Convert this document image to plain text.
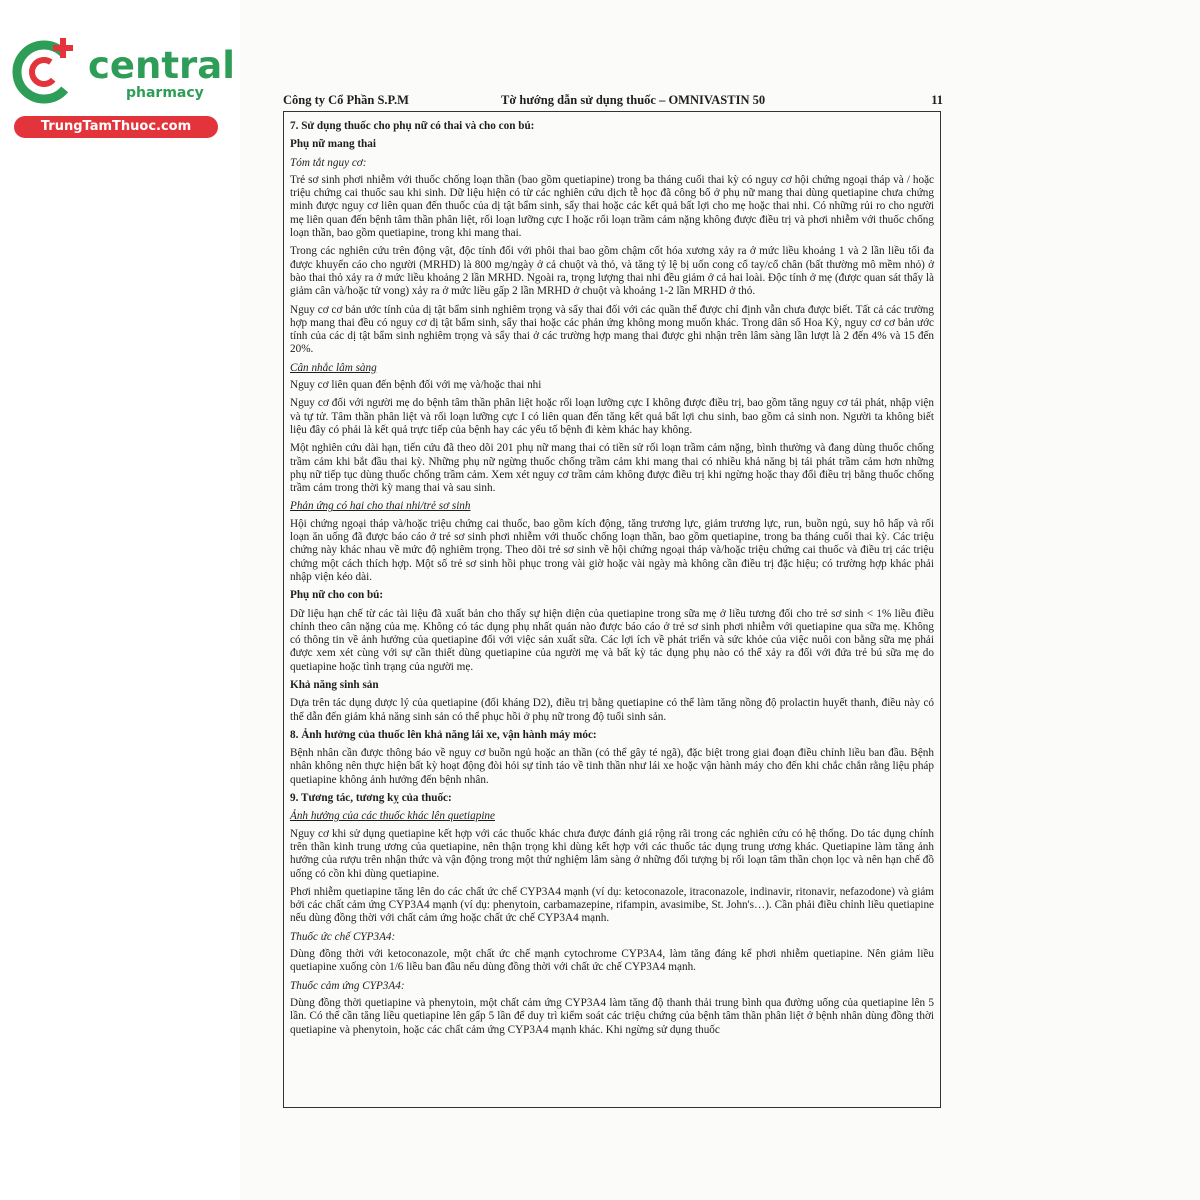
central
pharmacy
TrungTamThuoc.com
Công ty Cổ Phần S.P.M	Tờ hướng dẫn sử dụng thuốc – OMNIVASTIN 50	11

7. Sử dụng thuốc cho phụ nữ có thai và cho con bú:

Phụ nữ mang thai

Tóm tắt nguy cơ:

Trẻ sơ sinh phơi nhiễm với thuốc chống loạn thần (bao gồm quetiapine) trong ba tháng cuối thai kỳ có nguy cơ hội chứng ngoại tháp và / hoặc triệu chứng cai thuốc sau khi sinh. Dữ liệu hiện có từ các nghiên cứu dịch tễ học đã công bố ở phụ nữ mang thai dùng quetiapine chưa chứng minh được nguy cơ liên quan đến thuốc của dị tật bẩm sinh, sẩy thai hoặc các kết quả bất lợi cho mẹ hoặc thai nhi. Có những rủi ro cho người mẹ liên quan đến bệnh tâm thần phân liệt, rối loạn lưỡng cực I hoặc rối loạn trầm cảm nặng không được điều trị và phơi nhiễm với thuốc chống loạn thần, bao gồm quetiapine, trong khi mang thai.

Trong các nghiên cứu trên động vật, độc tính đối với phôi thai bao gồm chậm cốt hóa xương xảy ra ở mức liều khoảng 1 và 2 lần liều tối đa được khuyến cáo cho người (MRHD) là 800 mg/ngày ở cả chuột và thỏ, và tăng tỷ lệ bị uốn cong cổ tay/cổ chân (bất thường mô mềm nhỏ) ở bào thai thỏ xảy ra ở mức liều khoảng 2 lần MRHD. Ngoài ra, trọng lượng thai nhi đều giảm ở cả hai loài. Độc tính ở mẹ (được quan sát thấy là giảm cân và/hoặc tử vong) xảy ra ở mức liều gấp 2 lần MRHD ở chuột và khoảng 1-2 lần MRHD ở thỏ.

Nguy cơ cơ bản ước tính của dị tật bẩm sinh nghiêm trọng và sẩy thai đối với các quần thể được chỉ định vẫn chưa được biết. Tất cả các trường hợp mang thai đều có nguy cơ dị tật bẩm sinh, sẩy thai hoặc các phản ứng không mong muốn khác. Trong dân số Hoa Kỳ, nguy cơ cơ bản ước tính của các dị tật bẩm sinh nghiêm trọng và sẩy thai ở các trường hợp mang thai được ghi nhận trên lâm sàng lần lượt là 2 đến 4% và 15 đến 20%.

Cân nhắc lâm sàng

Nguy cơ liên quan đến bệnh đối với mẹ và/hoặc thai nhi

Nguy cơ đối với người mẹ do bệnh tâm thần phân liệt hoặc rối loạn lưỡng cực I không được điều trị, bao gồm tăng nguy cơ tái phát, nhập viện và tự tử. Tâm thần phân liệt và rối loạn lưỡng cực I có liên quan đến tăng kết quả bất lợi chu sinh, bao gồm cả sinh non. Người ta không biết liệu đây có phải là kết quả trực tiếp của bệnh hay các yếu tố bệnh đi kèm khác hay không.

Một nghiên cứu dài hạn, tiến cứu đã theo dõi 201 phụ nữ mang thai có tiền sử rối loạn trầm cảm nặng, bình thường và đang dùng thuốc chống trầm cảm khi bắt đầu thai kỳ. Những phụ nữ ngừng thuốc chống trầm cảm khi mang thai có nhiều khả năng bị tái phát trầm cảm hơn những phụ nữ tiếp tục dùng thuốc chống trầm cảm. Xem xét nguy cơ trầm cảm không được điều trị khi ngừng hoặc thay đổi điều trị bằng thuốc chống trầm cảm trong thời kỳ mang thai và sau sinh.

Phản ứng có hại cho thai nhi/trẻ sơ sinh

Hội chứng ngoại tháp và/hoặc triệu chứng cai thuốc, bao gồm kích động, tăng trương lực, giảm trương lực, run, buồn ngủ, suy hô hấp và rối loạn ăn uống đã được báo cáo ở trẻ sơ sinh phơi nhiễm với thuốc chống loạn thần, bao gồm quetiapine, trong ba tháng cuối thai kỳ. Các triệu chứng này khác nhau về mức độ nghiêm trọng. Theo dõi trẻ sơ sinh về hội chứng ngoại tháp và/hoặc triệu chứng cai thuốc và điều trị các triệu chứng một cách thích hợp. Một số trẻ sơ sinh hồi phục trong vài giờ hoặc vài ngày mà không cần điều trị đặc hiệu; có trường hợp khác phải nhập viện kéo dài.

Phụ nữ cho con bú:

Dữ liệu hạn chế từ các tài liệu đã xuất bản cho thấy sự hiện diện của quetiapine trong sữa mẹ ở liều tương đối cho trẻ sơ sinh < 1% liều điều chỉnh theo cân nặng của mẹ. Không có tác dụng phụ nhất quán nào được báo cáo ở trẻ sơ sinh phơi nhiễm với quetiapine qua sữa mẹ. Không có thông tin về ảnh hưởng của quetiapine đối với việc sản xuất sữa. Các lợi ích về phát triển và sức khỏe của việc nuôi con bằng sữa mẹ phải được xem xét cùng với sự cần thiết dùng quetiapine của người mẹ và bất kỳ tác dụng phụ nào có thể xảy ra đối với đứa trẻ bú sữa mẹ do quetiapine hoặc tình trạng của người mẹ.

Khả năng sinh sản

Dựa trên tác dụng dược lý của quetiapine (đối kháng D2), điều trị bằng quetiapine có thể làm tăng nồng độ prolactin huyết thanh, điều này có thể dẫn đến giảm khả năng sinh sản có thể phục hồi ở phụ nữ trong độ tuổi sinh sản.

8. Ảnh hưởng của thuốc lên khả năng lái xe, vận hành máy móc:

Bệnh nhân cần được thông báo về nguy cơ buồn ngủ hoặc an thần (có thể gây té ngã), đặc biệt trong giai đoạn điều chỉnh liều ban đầu. Bệnh nhân không nên thực hiện bất kỳ hoạt động đòi hỏi sự tỉnh táo về tinh thần như lái xe hoặc vận hành máy cho đến khi chắc chắn rằng liệu pháp quetiapine không ảnh hưởng đến bệnh nhân.

9. Tương tác, tương kỵ của thuốc:

Ảnh hưởng của các thuốc khác lên quetiapine

Nguy cơ khi sử dụng quetiapine kết hợp với các thuốc khác chưa được đánh giá rộng rãi trong các nghiên cứu có hệ thống. Do tác dụng chính trên thần kinh trung ương của quetiapine, nên thận trọng khi dùng kết hợp với các thuốc tác dụng trung ương khác. Quetiapine làm tăng ảnh hưởng của rượu trên nhận thức và vận động trong một thử nghiệm lâm sàng ở những đối tượng bị rối loạn tâm thần chọn lọc và nên hạn chế đồ uống có cồn khi dùng quetiapine.

Phơi nhiễm quetiapine tăng lên do các chất ức chế CYP3A4 mạnh (ví dụ: ketoconazole, itraconazole, indinavir, ritonavir, nefazodone) và giảm bởi các chất cảm ứng CYP3A4 mạnh (ví dụ: phenytoin, carbamazepine, rifampin, avasimibe, St. John's…). Cần phải điều chỉnh liều quetiapine nếu dùng đồng thời với chất cảm ứng hoặc chất ức chế CYP3A4 mạnh.

Thuốc ức chế CYP3A4:

Dùng đồng thời với ketoconazole, một chất ức chế mạnh cytochrome CYP3A4, làm tăng đáng kể phơi nhiễm quetiapine. Nên giảm liều quetiapine xuống còn 1/6 liều ban đầu nếu dùng đồng thời với chất ức chế CYP3A4 mạnh.

Thuốc cảm ứng CYP3A4:

Dùng đồng thời quetiapine và phenytoin, một chất cảm ứng CYP3A4 làm tăng độ thanh thải trung bình qua đường uống của quetiapine lên 5 lần. Có thể cần tăng liều quetiapine lên gấp 5 lần để duy trì kiểm soát các triệu chứng của bệnh tâm thần phân liệt ở bệnh nhân dùng đồng thời quetiapine và phenytoin, hoặc các chất cảm ứng CYP3A4 mạnh khác. Khi ngừng sử dụng thuốc
